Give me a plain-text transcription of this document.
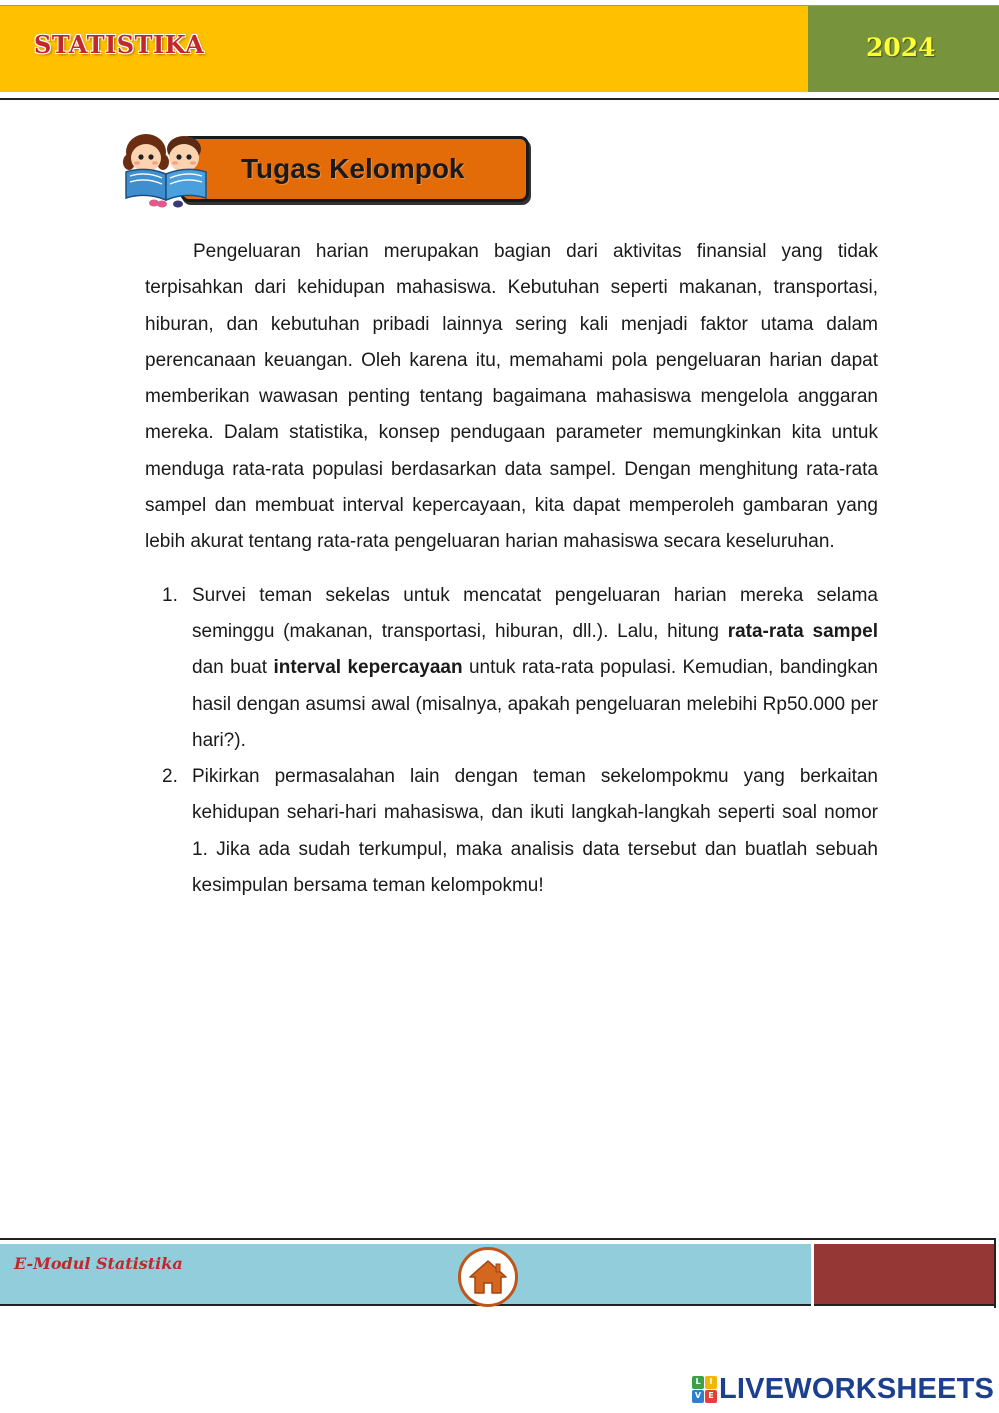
STATISTIKA	2024
Tugas Kelompok

Pengeluaran harian merupakan bagian dari aktivitas finansial yang tidak terpisahkan dari kehidupan mahasiswa. Kebutuhan seperti makanan, transportasi, hiburan, dan kebutuhan pribadi lainnya sering kali menjadi faktor utama dalam perencanaan keuangan. Oleh karena itu, memahami pola pengeluaran harian dapat memberikan wawasan penting tentang bagaimana mahasiswa mengelola anggaran mereka. Dalam statistika, konsep pendugaan parameter memungkinkan kita untuk menduga rata-rata populasi berdasarkan data sampel. Dengan menghitung rata-rata sampel dan membuat interval kepercayaan, kita dapat memperoleh gambaran yang lebih akurat tentang rata-rata pengeluaran harian mahasiswa secara keseluruhan.

1. Survei teman sekelas untuk mencatat pengeluaran harian mereka selama seminggu (makanan, transportasi, hiburan, dll.). Lalu, hitung rata-rata sampel dan buat interval kepercayaan untuk rata-rata populasi. Kemudian, bandingkan hasil dengan asumsi awal (misalnya, apakah pengeluaran melebihi Rp50.000 per hari?).
2. Pikirkan permasalahan lain dengan teman sekelompokmu yang berkaitan kehidupan sehari-hari mahasiswa, dan ikuti langkah-langkah seperti soal nomor 1. Jika ada sudah terkumpul, maka analisis data tersebut dan buatlah sebuah kesimpulan bersama teman kelompokmu!
E-Modul Statistika
L	I
V E LIVEWORKSHEETS
